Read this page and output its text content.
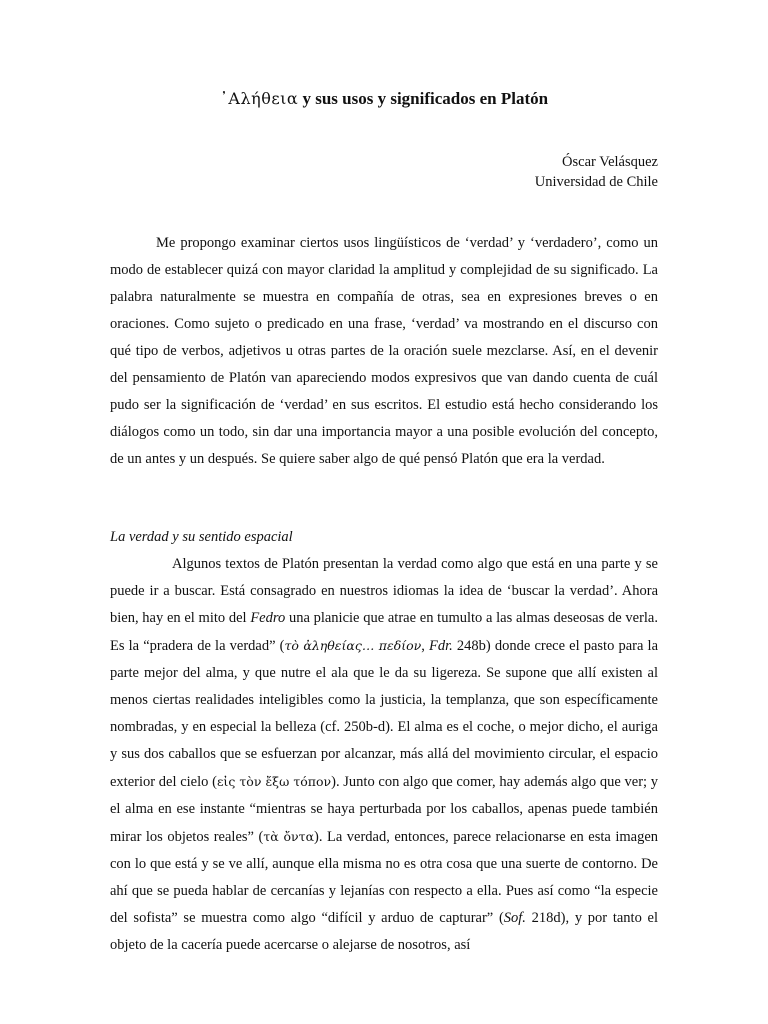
᾿Αλήθεια y sus usos y significados en Platón
Óscar Velásquez
Universidad de Chile

Me propongo examinar ciertos usos lingüísticos de ‘verdad’ y ‘verdadero’, como un modo de establecer quizá con mayor claridad la amplitud y complejidad de su significado. La palabra naturalmente se muestra en compañía de otras, sea en expresiones breves o en oraciones. Como sujeto o predicado en una frase, ‘verdad’ va mostrando en el discurso con qué tipo de verbos, adjetivos u otras partes de la oración suele mezclarse. Así, en el devenir del pensamiento de Platón van apareciendo modos expresivos que van dando cuenta de cuál pudo ser la significación de ‘verdad’ en sus escritos. El estudio está hecho considerando los diálogos como un todo, sin dar una importancia mayor a una posible evolución del concepto, de un antes y un después. Se quiere saber algo de qué pensó Platón que era la verdad.

La verdad y su sentido espacial

Algunos textos de Platón presentan la verdad como algo que está en una parte y se puede ir a buscar. Está consagrado en nuestros idiomas la idea de ‘buscar la verdad’. Ahora bien, hay en el mito del Fedro una planicie que atrae en tumulto a las almas deseosas de verla. Es la “pradera de la verdad” (τὸ ἀληθείας… πεδίον, Fdr. 248b) donde crece el pasto para la parte mejor del alma, y que nutre el ala que le da su ligereza. Se supone que allí existen al menos ciertas realidades inteligibles como la justicia, la templanza, que son específicamente nombradas, y en especial la belleza (cf. 250b-d). El alma es el coche, o mejor dicho, el auriga y sus dos caballos que se esfuerzan por alcanzar, más allá del movimiento circular, el espacio exterior del cielo (εἰς τὸν ἔξω τόπον). Junto con algo que comer, hay además algo que ver; y el alma en ese instante “mientras se haya perturbada por los caballos, apenas puede también mirar los objetos reales” (τὰ ὄντα). La verdad, entonces, parece relacionarse en esta imagen con lo que está y se ve allí, aunque ella misma no es otra cosa que una suerte de contorno. De ahí que se pueda hablar de cercanías y lejanías con respecto a ella. Pues así como “la especie del sofista” se muestra como algo “difícil y arduo de capturar” (Sof. 218d), y por tanto el objeto de la cacería puede acercarse o alejarse de nosotros, así
